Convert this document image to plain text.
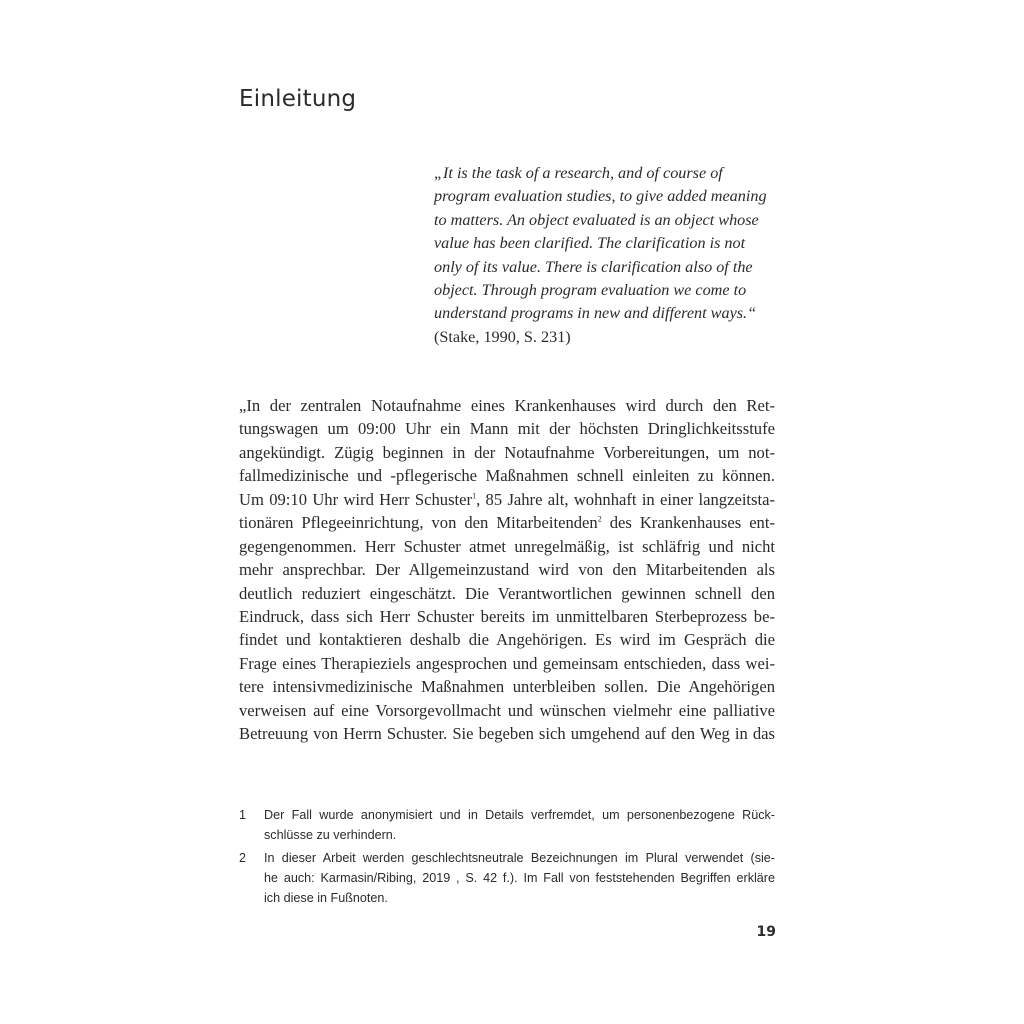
Einleitung
„It is the task of a research, and of course of
program evaluation studies, to give added meaning
to matters. An object evaluated is an object whose
value has been clarified. The clarification is not
only of its value. There is clarification also of the
object. Through program evaluation we come to
understand programs in new and different ways.“
(Stake, 1990, S. 231)
„In der zentralen Notaufnahme eines Krankenhauses wird durch den Ret-
tungswagen um 09:00 Uhr ein Mann mit der höchsten Dringlichkeitsstufe
angekündigt. Zügig beginnen in der Notaufnahme Vorbereitungen, um not-
fallmedizinische und -pflegerische Maßnahmen schnell einleiten zu können.
Um 09:10 Uhr wird Herr Schuster$^1$, 85 Jahre alt, wohnhaft in einer langzeitsta-
tionären Pflegeeinrichtung, von den Mitarbeitenden$^2$ des Krankenhauses ent-
gegengenommen. Herr Schuster atmet unregelmäßig, ist schläfrig und nicht
mehr ansprechbar. Der Allgemeinzustand wird von den Mitarbeitenden als
deutlich reduziert eingeschätzt. Die Verantwortlichen gewinnen schnell den
Eindruck, dass sich Herr Schuster bereits im unmittelbaren Sterbeprozess be-
findet und kontaktieren deshalb die Angehörigen. Es wird im Gespräch die
Frage eines Therapieziels angesprochen und gemeinsam entschieden, dass wei-
tere intensivmedizinische Maßnahmen unterbleiben sollen. Die Angehörigen
verweisen auf eine Vorsorgevollmacht und wünschen vielmehr eine palliative
Betreuung von Herrn Schuster. Sie begeben sich umgehend auf den Weg in das
1 Der Fall wurde anonymisiert und in Details verfremdet, um personenbezogene Rück-
schlüsse zu verhindern.
2 In dieser Arbeit werden geschlechtsneutrale Bezeichnungen im Plural verwendet (sie-
he auch: Karmasin/Ribing, 2019 , S. 42 f.). Im Fall von feststehenden Begriffen erkläre
ich diese in Fußnoten.
19
